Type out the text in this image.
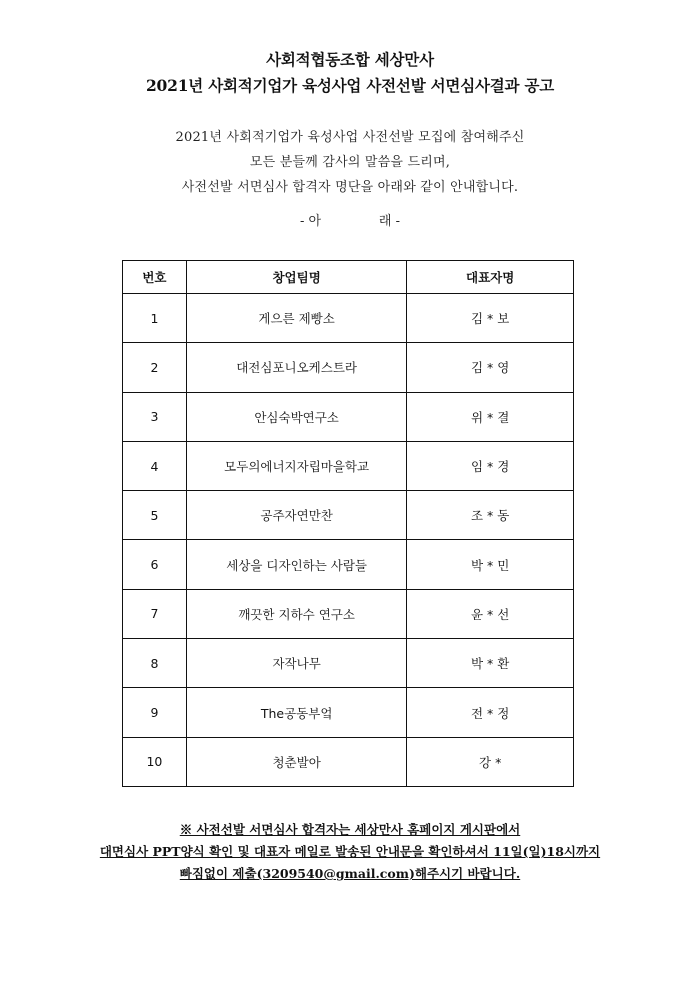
사회적협동조합 세상만사
2021년 사회적기업가 육성사업 사전선발 서면심사결과 공고
2021년 사회적기업가 육성사업 사전선발 모집에 참여해주신
모든 분들께 감사의 말씀을 드리며,
사전선발 서면심사 합격자 명단을 아래와 같이 안내합니다.
- 아              래 -
번호	창업팀명	대표자명
1	게으른 제빵소	김 * 보
2	대전심포니오케스트라	김 * 영
3	안심숙박연구소	위 * 결
4	모두의에너지자립마을학교	임 * 경
5	공주자연만찬	조 * 동
6	세상을 디자인하는 사람들	박 * 민
7	깨끗한 지하수 연구소	윤 * 선
8	자작나무	박 * 환
9	The공동부엌	전 * 정
10	청춘발아	강 *
※ 사전선발 서면심사 합격자는 세상만사 홈페이지 게시판에서
대면심사 PPT양식 확인 및 대표자 메일로 발송된 안내문을 확인하셔서 11일(일)18시까지
빠짐없이 제출(3209540@gmail.com)해주시기 바랍니다.
